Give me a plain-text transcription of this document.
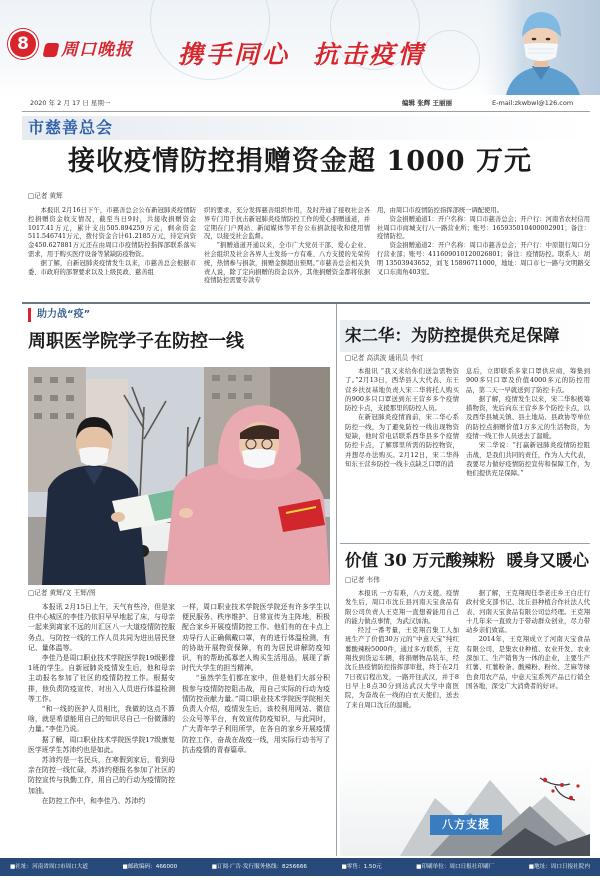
8	周口晚报 携手同心  抗击疫情
2020 年 2 月 17 日 星期一	编辑 张辉 王丽丽	E-mail:zkwbwl@126.com
市慈善总会
接收疫情防控捐赠资金超 1000 万元
□记者 黄辉

本报讯 2月16日下午，市慈善总会公布新冠肺炎疫情防控捐赠资金收支情况，截至当日9时，共接收捐赠资金1017.41万元，累计支出505.894259万元，剩余资金511.546741万元，拨付资金合计61.2185万元，待定向资金450.627881万元还在由周口市疫情防控指挥部联系落实需求，用于购买医疗设备等紧缺防疫物资。

据了解，自新冠肺炎疫情发生以来，市慈善总会根据市委、市政府的部署要求以及上级民政、慈善组

织的要求，充分发挥慈善组织作用，及时开通了接收社会各界专门用于抗击新冠肺炎疫情防控工作的爱心捐赠通道，并定期在门户网站、新闻媒体等平台公布捐款接收和使用情况，以接受社会监督。

“捐赠通道开通以来，全市广大党员干部、爱心企业、社会组织及社会各界人士发扬一方有难、八方支援的光荣传统，热情参与捐款，捐赠金额超出预期。”市慈善总会相关负责人说，除了定向捐赠的资金以外，其他捐赠资金都将依据疫情防控需要专款专

用，由周口市疫情防控指挥部统一调配使用。

资金捐赠通道1：开户名称：周口市慈善总会；开户行：河南省农村信用社周口市商城支行八一路营业所；账号：165935010400002901；备注：疫情防控。

资金捐赠通道2：开户名称：周口市慈善总会；开户行：中原银行周口分行营业部；账号：411609010120026801；备注：疫情防控。联系人：胡明 13503943652，刘飞 15896711000，地址：周口市七一路与文明路交叉口东南角403室。

助力战“疫”
周职医学院学子在防控一线
□记者 黄辉/文 王辉/图

本报讯 2月15日上午，天气有些冷，但是家住中心城区的李佳乃依旧早早地起了床，与母亲一起来到离家不远的川汇区八一大道疫情防控服务点，与防控一线的工作人员共同为进出居民登记、量体温等。

李佳乃是周口职业技术学院医学院19级影像1班的学生。自新冠肺炎疫情发生后，他和母亲主动报名参加了社区的疫情防控工作。根据安排，他负责防疫宣传，对出入人员进行体温检测等工作。

“和一线的医护人员相比，我做的这点不算啥，就是希望能用自己的知识尽自己一份微薄的力量。”李佳乃说。

据了解，周口职业技术学院医学院17级康复医学班学生苏沛约也是如此。

苏沛约是一名民兵，在寒假到家后，看到母亲在防控一线忙碌，苏沛约便报名参加了社区的防控宣传与执勤工作，用自己的行动为疫情防控加油。

在防控工作中，和李佳乃、苏沛约

一样，周口职业技术学院医学院还有许多学生以便民服务、秩序维护、日常宣传为主阵地，积极配合家乡开展疫情防控工作。他们有的在卡点上劝导行人正确佩戴口罩，有的进行体温检测，有的协助开展物资保障，有的为居民讲解防疫知识，有的帮助孤寡老人购买生活用品，展现了新时代大学生的担当精神。

“虽然学生们都在家中，但是他们大部分积极参与疫情防控阻击战，用自己实际的行动为疫情防控贡献力量。”周口职业技术学院医学院相关负责人介绍，疫情发生后，该校利用网站、微信公众号等平台，有效宣传防疫知识，与此同时，广大青年学子利用所学，在各自的家乡开展疫情防控工作，奋战在战疫一线，用实际行动书写了抗击疫情的青春篇章。

宋二华：为防控提供充足保障
□记者 高洪波 通讯员 李红

本报讯 “我又来给你们送急需物资了。”2月13日，西华县人大代表、东王营乡扶贫基地负责人宋二华将托人购买的900多只口罩送到东王营乡多个疫情防控卡点，支援那里的防控人员。

在新冠肺炎疫情面前，宋二华心系防控一线，为了避免防控一线出现物资短缺，他时常电话联系西华县多个疫情防控卡点，了解那里所需的防控物资，并想尽办法购买。2月12日，宋二华得知东王营乡防控一线卡点缺乏口罩的消

息后，立即联系多家口罩供应商，筹集到900多只口罩及价值4000多元的防控用品，第二天一早就送到了防控卡点。

据了解，疫情发生以来，宋二华积极筹措物资，先后向东王营乡多个防控卡点，以及西华县城关镇、县土地局、县政协等单位的防控点捐赠价值1万多元的生活物资，为疫情一线工作人员送去了温暖。

宋二华说：“打赢新冠肺炎疫情防控阻击战，是我们共同的责任，作为人大代表，我要尽力做好疫情防控宣传和保障工作，为他们提供充足保障。”

价值 30 万元酸辣粉  暖身又暖心
□记者 韦伟

本报讯 一方有难，八方支援。疫情发生后，周口市沈丘县河南天宝食品有限公司负责人王克翔一直想着能用自己的能力做点事情，为武汉加油。

经过一番考量，王克翔召集工人加班生产了价值30万元的“中意天宝”纯红薯酸辣粉5000件，通过多方联系，王克翔找到货运车辆，将捐赠物品装车，经沈丘县疫情防控指挥部审批，终于在2月7日夜启程出发，一路开往武汉，并于8日早上8点30分到达武汉大学中南医院，为奋战在一线的白衣天使们，送去了来自周口沈丘的温暖。

据了解，王克翔现任李老庄乡王白庄行政村党支部书记、沈丘县种植合作社法人代表、河南天宝食品有限公司总经理。王克翔十几年来一直致力于带动群众创业，尽力带动乡亲们致富。

2014年，王克翔成立了河南天宝食品有限公司，是集农业种植、农业开发、农业深加工、生产销售为一体的企业，主要生产红薯、红薯粉条、酸辣粉、粉丝、芝麻等绿色食用农产品，中意天宝系列产品已行销全国各地，深受广大消费者的好评。

八方支援
■社址：河南省周口市周口大道	■邮政编码：466000	■订阅·广告·发行服务热线：8256666	■零售：1.50元	■印刷单位：周口日报社印刷厂	■地址：周口日报社院内
